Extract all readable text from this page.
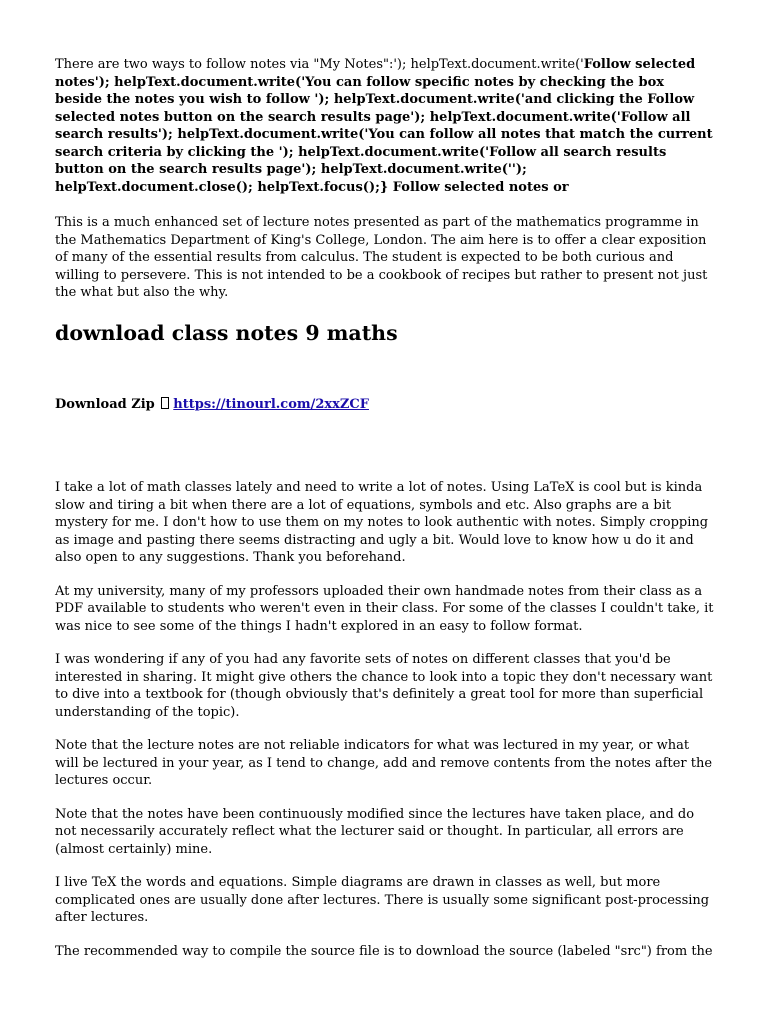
There are two ways to follow notes via "My Notes":'); helpText.document.write('Follow selected notes'); helpText.document.write('You can follow specific notes by checking the box beside the notes you wish to follow '); helpText.document.write('and clicking the Follow selected notes button on the search results page'); helpText.document.write('Follow all search results'); helpText.document.write('You can follow all notes that match the current search criteria by clicking the '); helpText.document.write('Follow all search results button on the search results page'); helpText.document.write(''); helpText.document.close(); helpText.focus();} Follow selected notes or

This is a much enhanced set of lecture notes presented as part of the mathematics programme in the Mathematics Department of King's College, London. The aim here is to offer a clear exposition of many of the essential results from calculus. The student is expected to be both curious and willing to persevere. This is not intended to be a cookbook of recipes but rather to present not just the what but also the why.

download class notes 9 maths
Download Zip https://tinourl.com/2xxZCF

I take a lot of math classes lately and need to write a lot of notes. Using LaTeX is cool but is kinda slow and tiring a bit when there are a lot of equations, symbols and etc. Also graphs are a bit mystery for me. I don't how to use them on my notes to look authentic with notes. Simply cropping as image and pasting there seems distracting and ugly a bit. Would love to know how u do it and also open to any suggestions. Thank you beforehand.

At my university, many of my professors uploaded their own handmade notes from their class as a PDF available to students who weren't even in their class. For some of the classes I couldn't take, it was nice to see some of the things I hadn't explored in an easy to follow format.

I was wondering if any of you had any favorite sets of notes on different classes that you'd be interested in sharing. It might give others the chance to look into a topic they don't necessary want to dive into a textbook for (though obviously that's definitely a great tool for more than superficial understanding of the topic).

Note that the lecture notes are not reliable indicators for what was lectured in my year, or what will be lectured in your year, as I tend to change, add and remove contents from the notes after the lectures occur.

Note that the notes have been continuously modified since the lectures have taken place, and do not necessarily accurately reflect what the lecturer said or thought. In particular, all errors are (almost certainly) mine.

I live TeX the words and equations. Simple diagrams are drawn in classes as well, but more complicated ones are usually done after lectures. There is usually some significant post-processing after lectures.

The recommended way to compile the source file is to download the source (labeled "src") from the
